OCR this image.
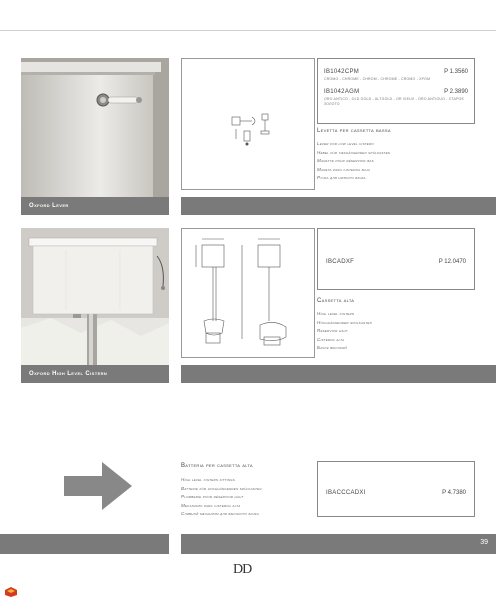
IB1042CPM	P 1.3560
CROMO - CHROME - CHROM - CHROME - CROMO - XPOM
IB1042AGM	P 2.3890
ORO ANTICO - OLD GOLD - ALTGOLD - OR VIEUX - ORO ANTIGUO - СТАРОЕ ЗОЛОТО
Levetta per cassetta bassa
Lever for low level cistern
Hebel für tiefhängenden spülkasten
Manette pour réservoir bas
Maneta para cisterna baja
Ручка для низкого бачка
Oxford Lever
IBCADXF	P 12.0470
Cassetta alta
High level cistern
Hochhängender spülkasten
Réservoir haut
Cisterna alta
Бачок высокий
Oxford High Level Cistern
Batteria per cassetta alta
High level cistern fittings
Batterie für hochhängenden spülkasten
Plomberie pour réservoir haut
Mecanismo para cisterna alta
Сливной механизм для высокого бачка
IBACCCADXI	P 4.7380
39
DD
